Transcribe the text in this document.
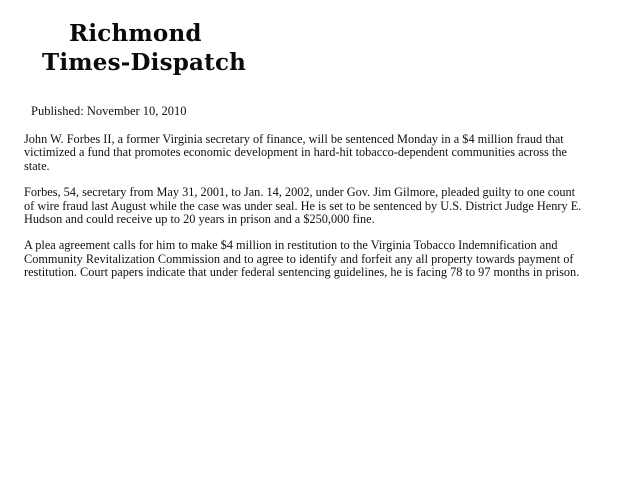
Richmond
Times-Dispatch
Published: November 10, 2010

John W. Forbes II, a former Virginia secretary of finance, will be sentenced Monday in a $4 million fraud that victimized a fund that promotes economic development in hard-hit tobacco-dependent communities across the state.

Forbes, 54, secretary from May 31, 2001, to Jan. 14, 2002, under Gov. Jim Gilmore, pleaded guilty to one count of wire fraud last August while the case was under seal. He is set to be sentenced by U.S. District Judge Henry E. Hudson and could receive up to 20 years in prison and a $250,000 fine.

A plea agreement calls for him to make $4 million in restitution to the Virginia Tobacco Indemnification and Community Revitalization Commission and to agree to identify and forfeit any all property towards payment of restitution. Court papers indicate that under federal sentencing guidelines, he is facing 78 to 97 months in prison.
